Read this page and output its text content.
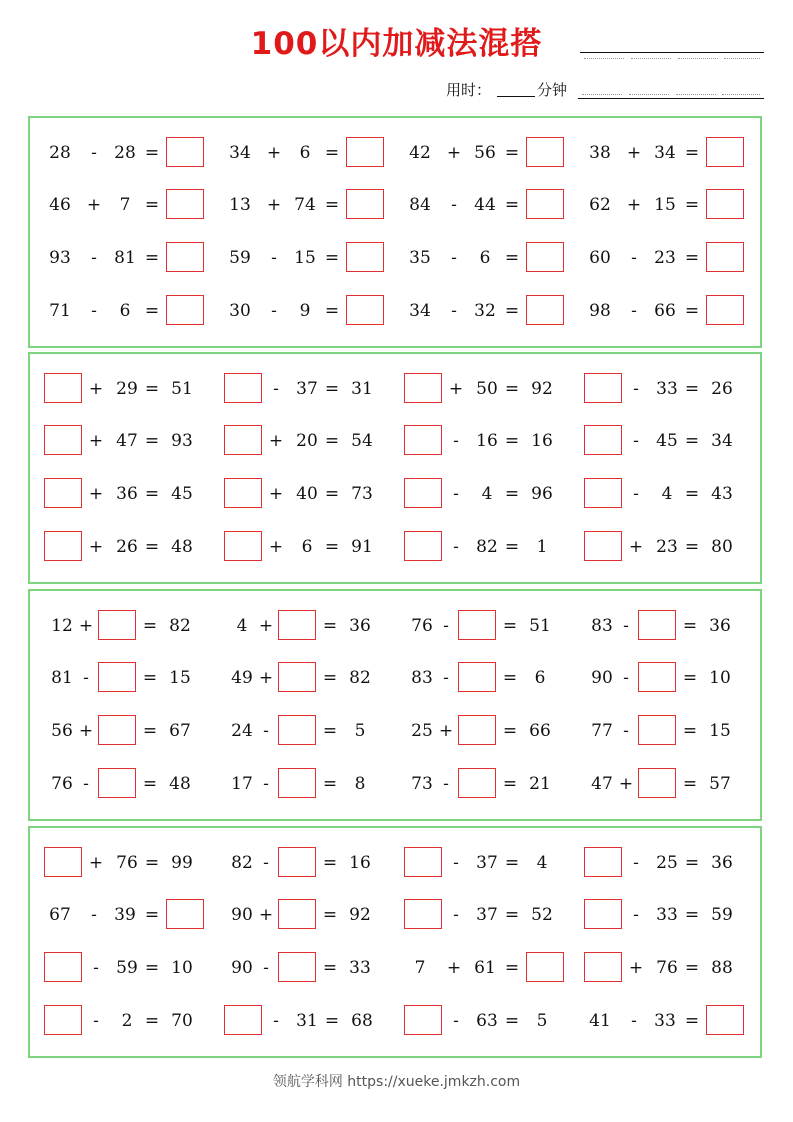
100以内加减法混搭
用时：	分钟
28	-	28 =	34 +	6 =	42 + 56 =	38 + 34 =
46 +	7 =	13 + 74 =	84	-	44 =	62 + 15 =
93	-	81 =	59	-	15 =	35	-	6 =	60	-	23 =
71	-	6 =	30	-	9 =	34	-	32 =	98	-	66 =
+ 29 = 51	-	37 = 31	+ 50 = 92	-	33 = 26
+ 47 = 93	+ 20 = 54	-	16 = 16	-	45 = 34
+ 36 = 45	+ 40 = 73	-	4 = 96	-	4 = 43
+ 26 = 48	+	6 = 91	-	82 =	1	+ 23 = 80
12 +	= 82	4 +	= 36	76 -	= 51	83 -	= 36
81 -	= 15	49 +	= 82	83 -	=	6	90 -	= 10
56 +	= 67	24 -	=	5	25 +	= 66	77 -	= 15
76 -	= 48	17 -	=	8	73 -	= 21	47 +	= 57
+ 76 = 99	82 -	= 16	-	37 =	4	-	25 = 36
67	-	39 =	90 +	= 92	-	37 = 52	-	33 = 59
-	59 = 10	90 -	= 33	7	+ 61 =	+ 76 = 88
-	2 = 70	-	31 = 68	-	63 =	5	41	-	33 =
领航学科网 https://xueke.jmkzh.com
